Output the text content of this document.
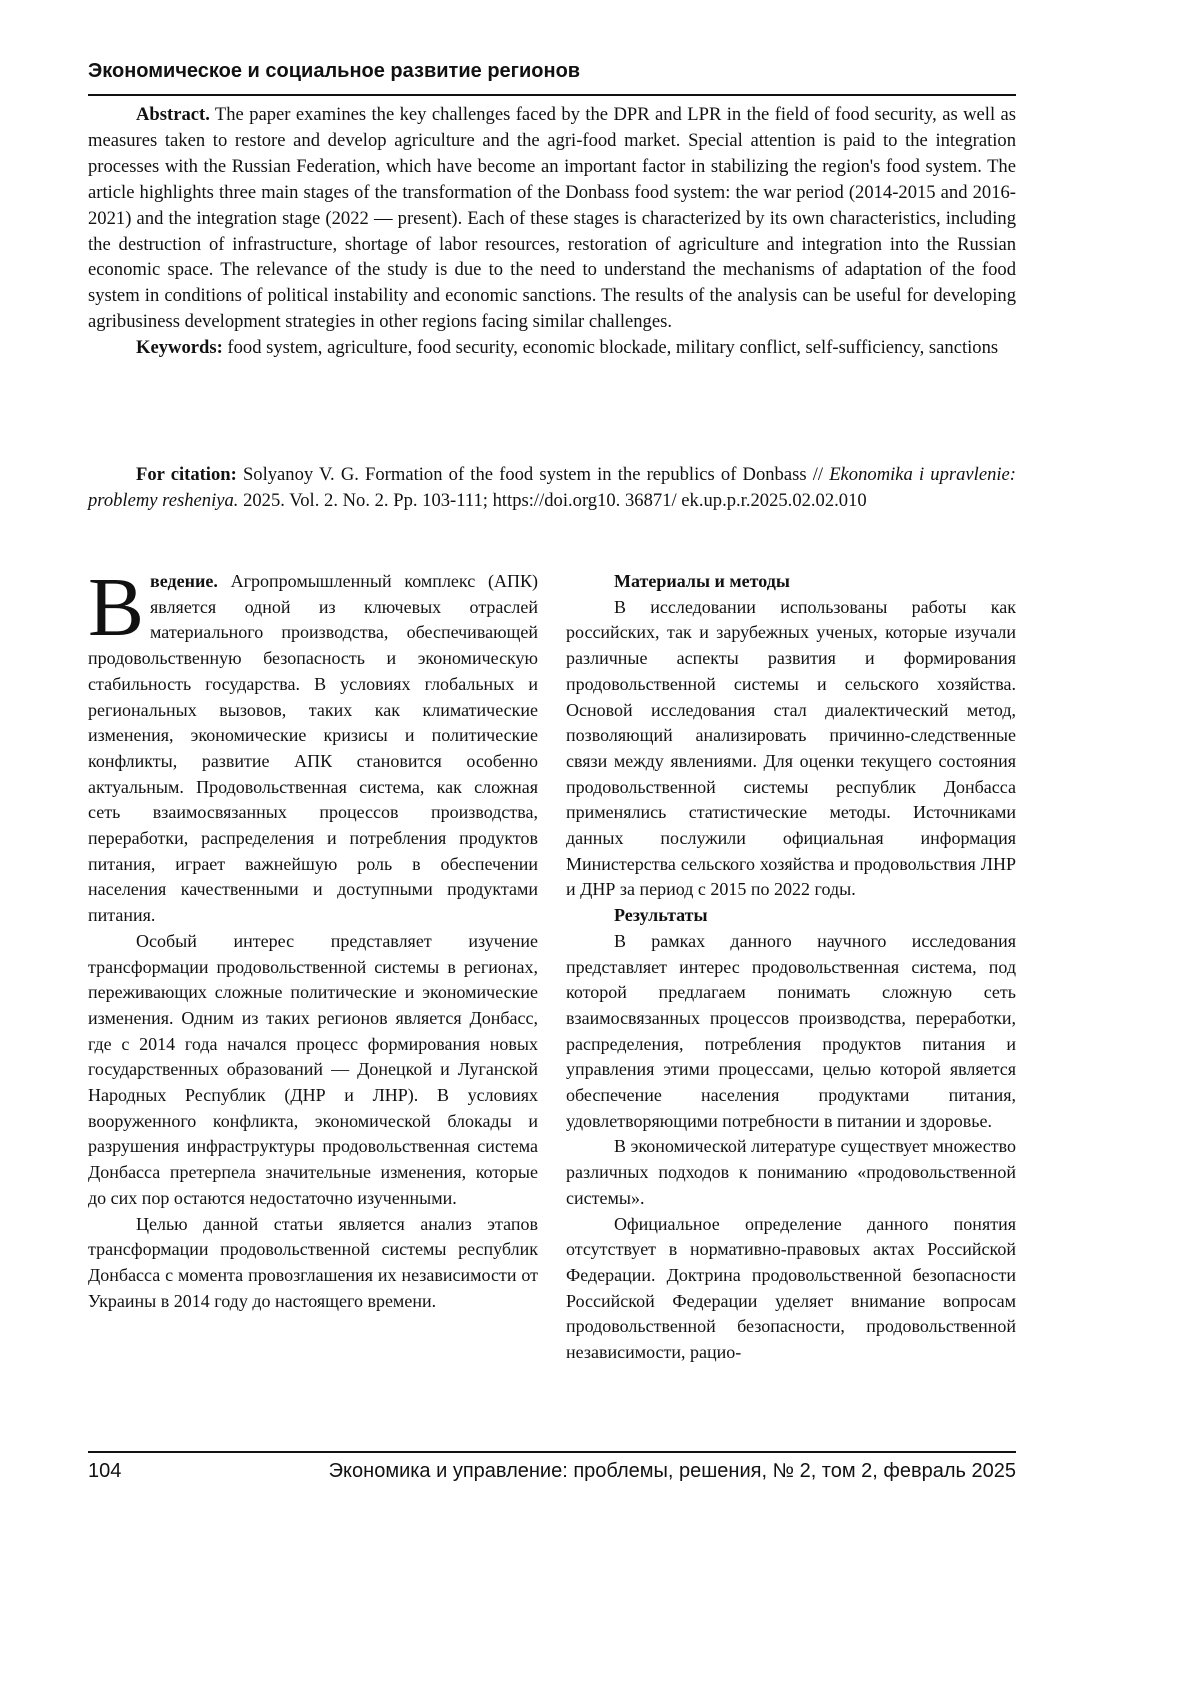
Экономическое и социальное развитие регионов

Abstract. The paper examines the key challenges faced by the DPR and LPR in the field of food security, as well as measures taken to restore and develop agriculture and the agri-food market. Special attention is paid to the integration processes with the Russian Federation, which have become an important factor in stabilizing the region's food system. The article highlights three main stages of the transformation of the Donbass food system: the war period (2014-2015 and 2016-2021) and the integration stage (2022 — present). Each of these stages is characterized by its own characteristics, including the destruction of infrastructure, shortage of labor resources, restoration of agriculture and integration into the Russian economic space. The relevance of the study is due to the need to understand the mechanisms of adaptation of the food system in conditions of political instability and economic sanctions. The results of the analysis can be useful for developing agribusiness development strategies in other regions facing similar challenges.

Keywords: food system, agriculture, food security, economic blockade, military conflict, self-sufficiency, sanctions

For citation: Solyanoy V. G. Formation of the food system in the republics of Donbass // Ekonomika i upravlenie: problemy resheniya. 2025. Vol. 2. No. 2. Pp. 103-111; https://doi.org10. 36871/ ek.up.p.r.2025.02.02.010

В ведение. Агропромышленный комплекс (АПК) является одной из ключевых отраслей материального производства, обеспечивающей продовольственную безопасность и экономическую стабильность государства. В условиях глобальных и региональных вызовов, таких как климатические изменения, экономические кризисы и политические конфликты, развитие АПК становится особенно актуальным. Продовольственная система, как сложная сеть взаимосвязанных процессов производства, переработки, распределения и потребления продуктов питания, играет важнейшую роль в обеспечении населения качественными и доступными продуктами питания.

Особый интерес представляет изучение трансформации продовольственной системы в регионах, переживающих сложные политические и экономические изменения. Одним из таких регионов является Донбасс, где с 2014 года начался процесс формирования новых государственных образований — Донецкой и Луганской Народных Республик (ДНР и ЛНР). В условиях вооруженного конфликта, экономической блокады и разрушения инфраструктуры продовольственная система Донбасса претерпела значительные изменения, которые до сих пор остаются недостаточно изученными.

Целью данной статьи является анализ этапов трансформации продовольственной системы республик Донбасса с момента провозглашения их независимости от Украины в 2014 году до настоящего времени.

Материалы и методы

В исследовании использованы работы как российских, так и зарубежных ученых, которые изучали различные аспекты развития и формирования продовольственной системы и сельского хозяйства. Основой исследования стал диалектический метод, позволяющий анализировать причинно-следственные связи между явлениями. Для оценки текущего состояния продовольственной системы республик Донбасса применялись статистические методы. Источниками данных послужили официальная информация Министерства сельского хозяйства и продовольствия ЛНР и ДНР за период с 2015 по 2022 годы.

Результаты

В рамках данного научного исследования представляет интерес продовольственная система, под которой предлагаем понимать сложную сеть взаимосвязанных процессов производства, переработки, распределения, потребления продуктов питания и управления этими процессами, целью которой является обеспечение населения продуктами питания, удовлетворяющими потребности в питании и здоровье.

В экономической литературе существует множество различных подходов к пониманию «продовольственной системы».

Официальное определение данного понятия отсутствует в нормативно-правовых актах Российской Федерации. Доктрина продовольственной безопасности Российской Федерации уделяет внимание вопросам продовольственной безопасности, продовольственной независимости, рацио-

104	Экономика и управление: проблемы, решения, № 2, том 2, февраль 2025
